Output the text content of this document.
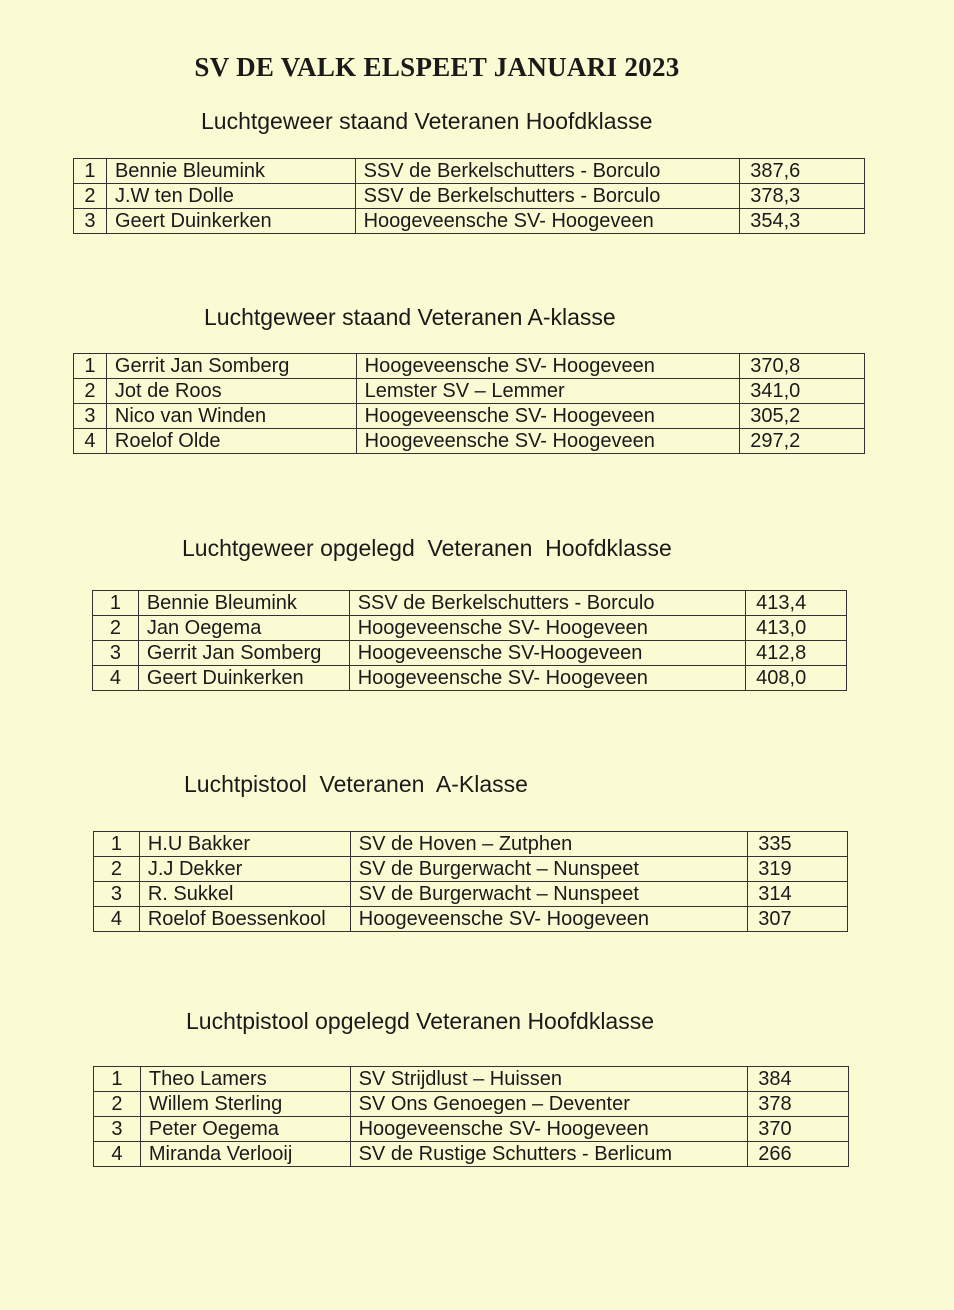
SV DE VALK ELSPEET JANUARI 2023
Luchtgeweer staand Veteranen Hoofdklasse
1	Bennie Bleumink	SSV de Berkelschutters - Borculo	387,6
2	J.W ten Dolle	SSV de Berkelschutters - Borculo	378,3
3	Geert Duinkerken	Hoogeveensche SV- Hoogeveen	354,3
Luchtgeweer staand Veteranen A-klasse
1	Gerrit Jan Somberg	Hoogeveensche SV- Hoogeveen	370,8
2	Jot de Roos	Lemster SV – Lemmer	341,0
3	Nico van Winden	Hoogeveensche SV- Hoogeveen	305,2
4	Roelof Olde	Hoogeveensche SV- Hoogeveen	297,2
Luchtgeweer opgelegd  Veteranen  Hoofdklasse
1	Bennie Bleumink	SSV de Berkelschutters - Borculo	413,4
2	Jan Oegema	Hoogeveensche SV- Hoogeveen	413,0
3	Gerrit Jan Somberg	Hoogeveensche SV-Hoogeveen	412,8
4	Geert Duinkerken	Hoogeveensche SV- Hoogeveen	408,0
Luchtpistool  Veteranen  A-Klasse
1	H.U Bakker	SV de Hoven – Zutphen	335
2	J.J Dekker	SV de Burgerwacht – Nunspeet	319
3	R. Sukkel	SV de Burgerwacht – Nunspeet	314
4	Roelof Boessenkool	Hoogeveensche SV- Hoogeveen	307
Luchtpistool opgelegd Veteranen Hoofdklasse
1	Theo Lamers	SV Strijdlust – Huissen	384
2	Willem Sterling	SV Ons Genoegen – Deventer	378
3	Peter Oegema	Hoogeveensche SV- Hoogeveen	370
4	Miranda Verlooij	SV de Rustige Schutters - Berlicum	266
